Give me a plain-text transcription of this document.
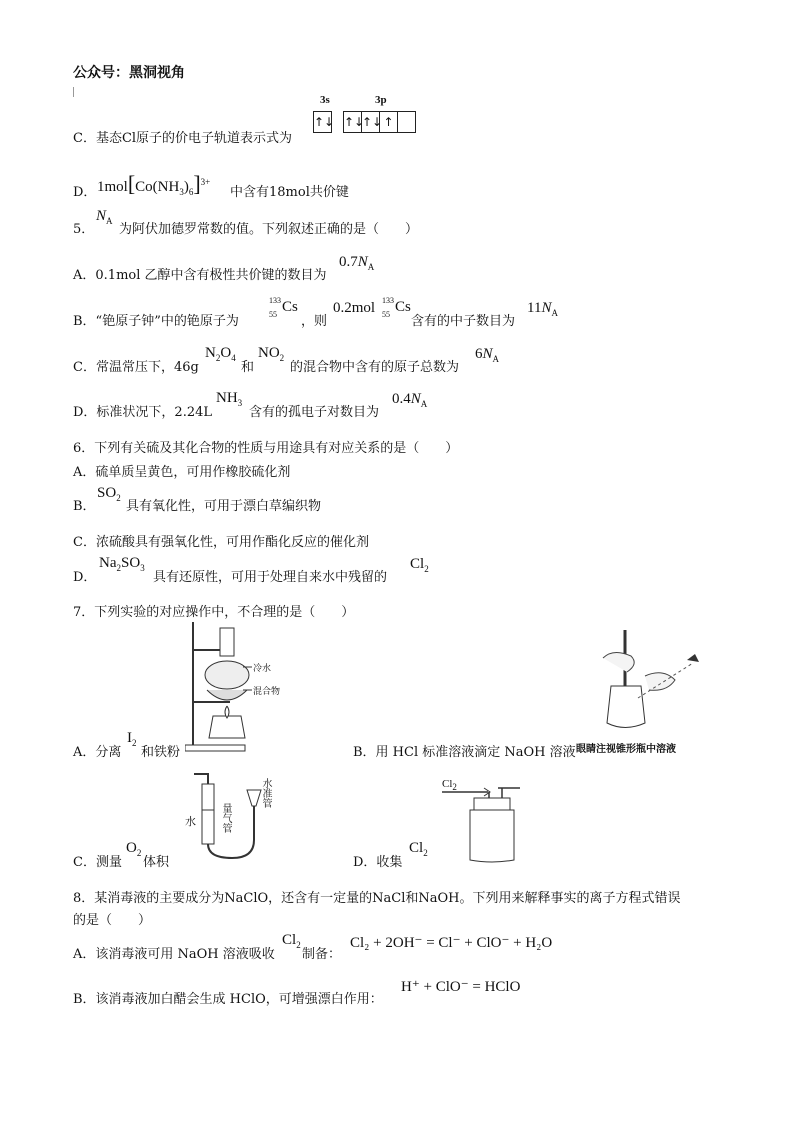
公众号：黑洞视角
C．基态Cl原子的价电子轨道表示式为
3s	3p
↑↓ ↑↓
↑↓ ↑
D． $1mol[Co(NH_3)_6]^{3+}$
中含有18mol共价键
5．
$N_A$
为阿伏加德罗常数的值。下列叙述正确的是（　　）
A．0.1mol 乙醇中含有极性共价键的数目为
$0.7N_A$
B．“铯原子钟”中的铯原子为
133
55 Cs
，则
0.2mol 133
55 Cs
含有的中子数目为
$11N_A$
C．常温常压下，46g
$N_2O_4$
和
$NO_2$
的混合物中含有的原子总数为
$6N_A$
D．标准状况下，2.24L
$NH_3$
含有的孤电子对数目为
$0.4N_A$
6．下列有关硫及其化合物的性质与用途具有对应关系的是（　　）
A．硫单质呈黄色，可用作橡胶硫化剂
B．
$SO_2$
具有氧化性，可用于漂白草编织物
C．浓硫酸具有强氧化性，可用作酯化反应的催化剂
D．
$Na_2SO_3$
具有还原性，可用于处理自来水中残留的
$Cl_2$
7．下列实验的对应操作中，不合理的是（　　）
冷水
混合物
A．分离
$I_2$
和铁粉	B．用 HCl 标准溶液滴定 NaOH 溶液 眼睛注视锥形瓶中溶液
水 量气管
水准管
C．测量
$O_2$
体积
$Cl_2$
D．收集
$Cl_2$
8．某消毒液的主要成分为NaClO，还含有一定量的NaCl和NaOH。下列用来解释事实的离子方程式错误
的是（　　）
A．该消毒液可用 NaOH 溶液吸收
$Cl_2$
制备：
Cl₂ + 2OH⁻ = Cl⁻ + ClO⁻ + H₂O
B．该消毒液加白醋会生成 HClO，可增强漂白作用：
H⁺ + ClO⁻ = HClO
